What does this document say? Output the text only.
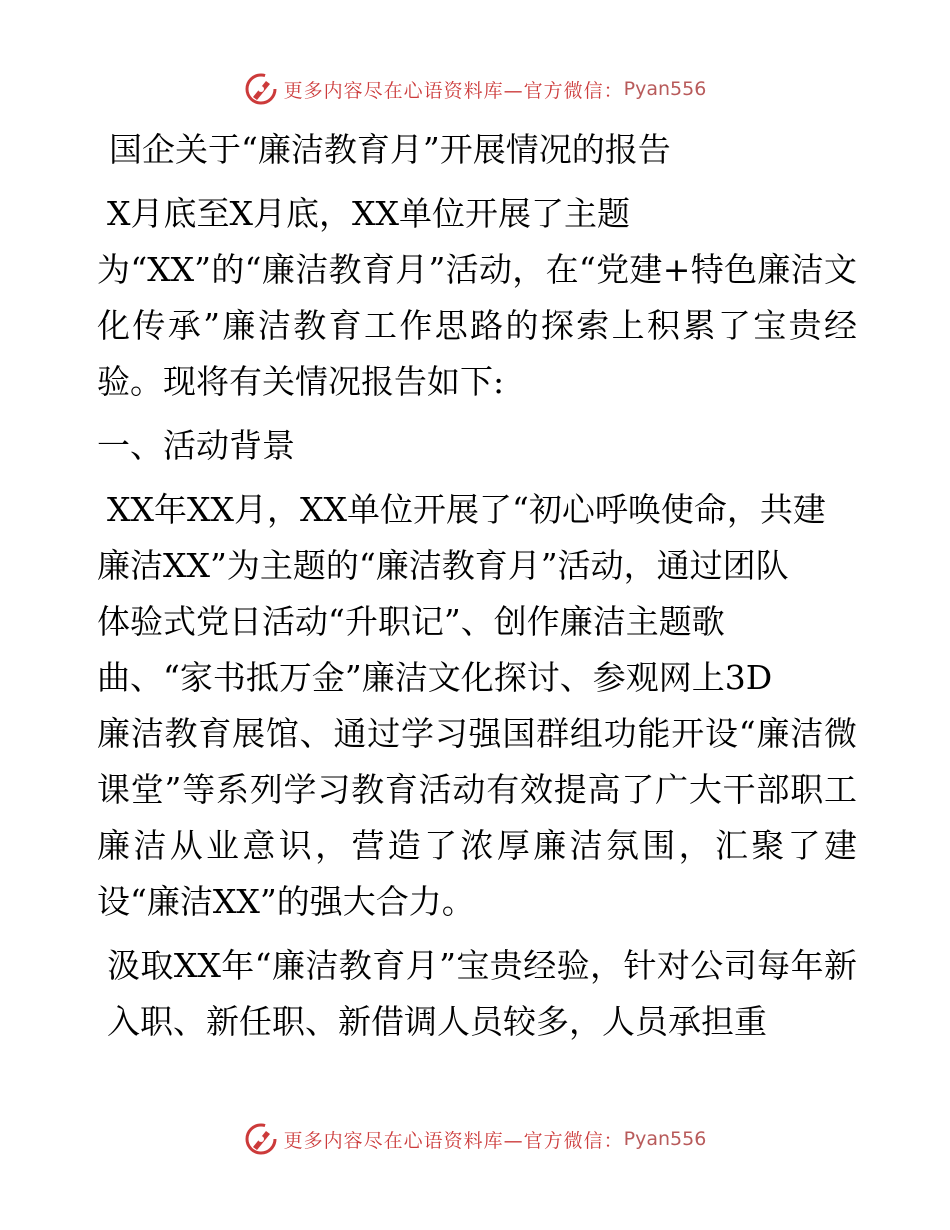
更多内容尽在心语资料库—官方微信： Pyan556

国企关于“廉洁教育月”开展情况的报告

X月底至X月底，XX单位开展了主题
为“XX”的“廉洁教育月”活动，在“党建+特色廉洁文化传承”廉洁教育工作思路的探索上积累了宝贵经验。现将有关情况报告如下:

一、活动背景

XX年XX月，XX单位开展了“初心呼唤使命，共建
廉洁XX”为主题的“廉洁教育月”活动，通过团队
体验式党日活动“升职记”、创作廉洁主题歌
曲、“家书抵万金”廉洁文化探讨、参观网上3D
廉洁教育展馆、通过学习强国群组功能开设“廉洁微课堂”等系列学习教育活动有效提高了广大干部职工廉洁从业意识，营造了浓厚廉洁氛围，汇聚了建设“廉洁XX”的强大合力。
汲取XX年“廉洁教育月”宝贵经验，针对公司每年新入职、新任职、新借调人员较多，人员承担重
更多内容尽在心语资料库—官方微信： Pyan556
